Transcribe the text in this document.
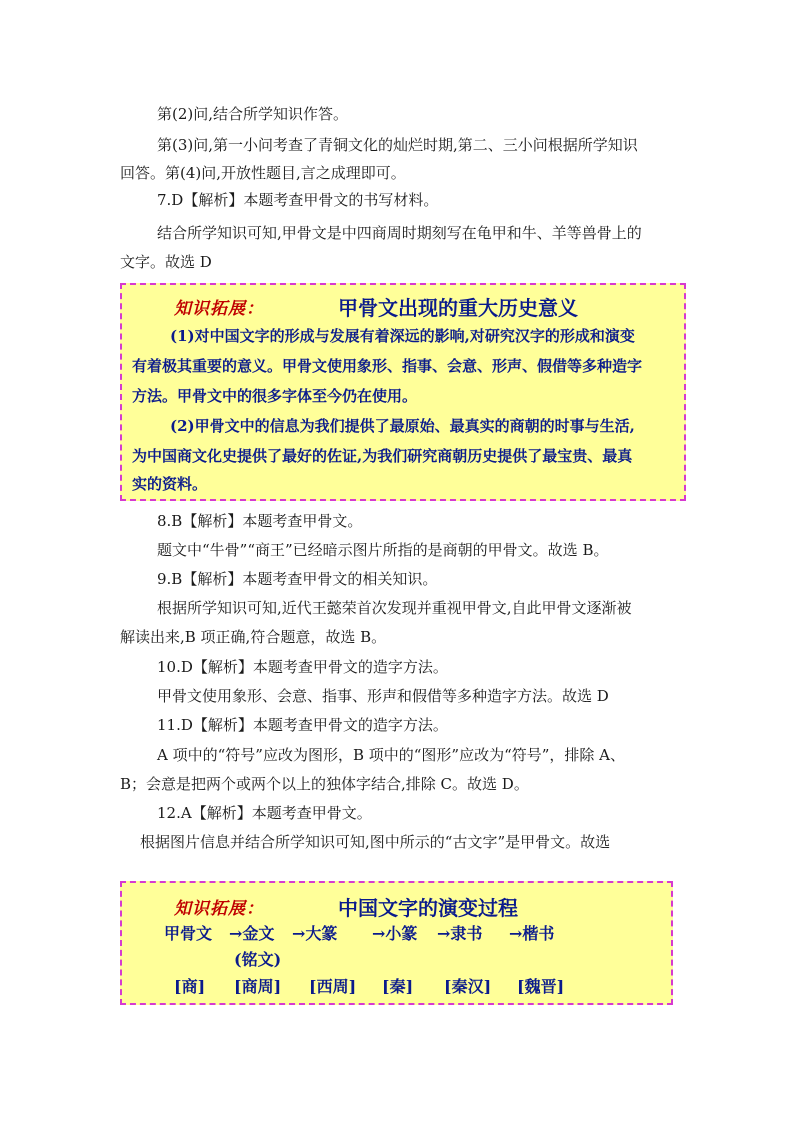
第(2)问,结合所学知识作答。
第(3)问,第一小问考查了青铜文化的灿烂时期,第二、三小问根据所学知识
回答。第(4)问,开放性题目,言之成理即可。
7.D【解析】本题考查甲骨文的书写材料。
结合所学知识可知,甲骨文是中四商周时期刻写在龟甲和牛、羊等兽骨上的
文字。故选 D
知识拓展：	甲骨文出现的重大历史意义
(1)对中国文字的形成与发展有着深远的影响,对研究汉字的形成和演变
有着极其重要的意义。甲骨文使用象形、指事、会意、形声、假借等多种造字
方法。甲骨文中的很多字体至今仍在使用。
(2)甲骨文中的信息为我们提供了最原始、最真实的商朝的时事与生活,
为中国商文化史提供了最好的佐证,为我们研究商朝历史提供了最宝贵、最真
实的资料。
8.B【解析】本题考查甲骨文。
题文中“牛骨”“商王”已经暗示图片所指的是商朝的甲骨文。故选 B。
9.B【解析】本题考查甲骨文的相关知识。
根据所学知识可知,近代王懿荣首次发现并重视甲骨文,自此甲骨文逐渐被
解读出来,B 项正确,符合题意，故选 B。
10.D【解析】本题考查甲骨文的造字方法。
甲骨文使用象形、会意、指事、形声和假借等多种造字方法。故选 D
11.D【解析】本题考查甲骨文的造字方法。
A 项中的“符号”应改为图形，B 项中的“图形”应改为“符号”，排除 A、
B；会意是把两个或两个以上的独体字结合,排除 C。故选 D。
12.A【解析】本题考查甲骨文。
根据图片信息并结合所学知识可知,图中所示的“古文字”是甲骨文。故选
知识拓展：	中国文字的演变过程
甲骨文 →金文 →大篆 →小篆 →隶书 →楷书
(铭文)
[商] [商周] [西周] [秦] [秦汉] [魏晋]
